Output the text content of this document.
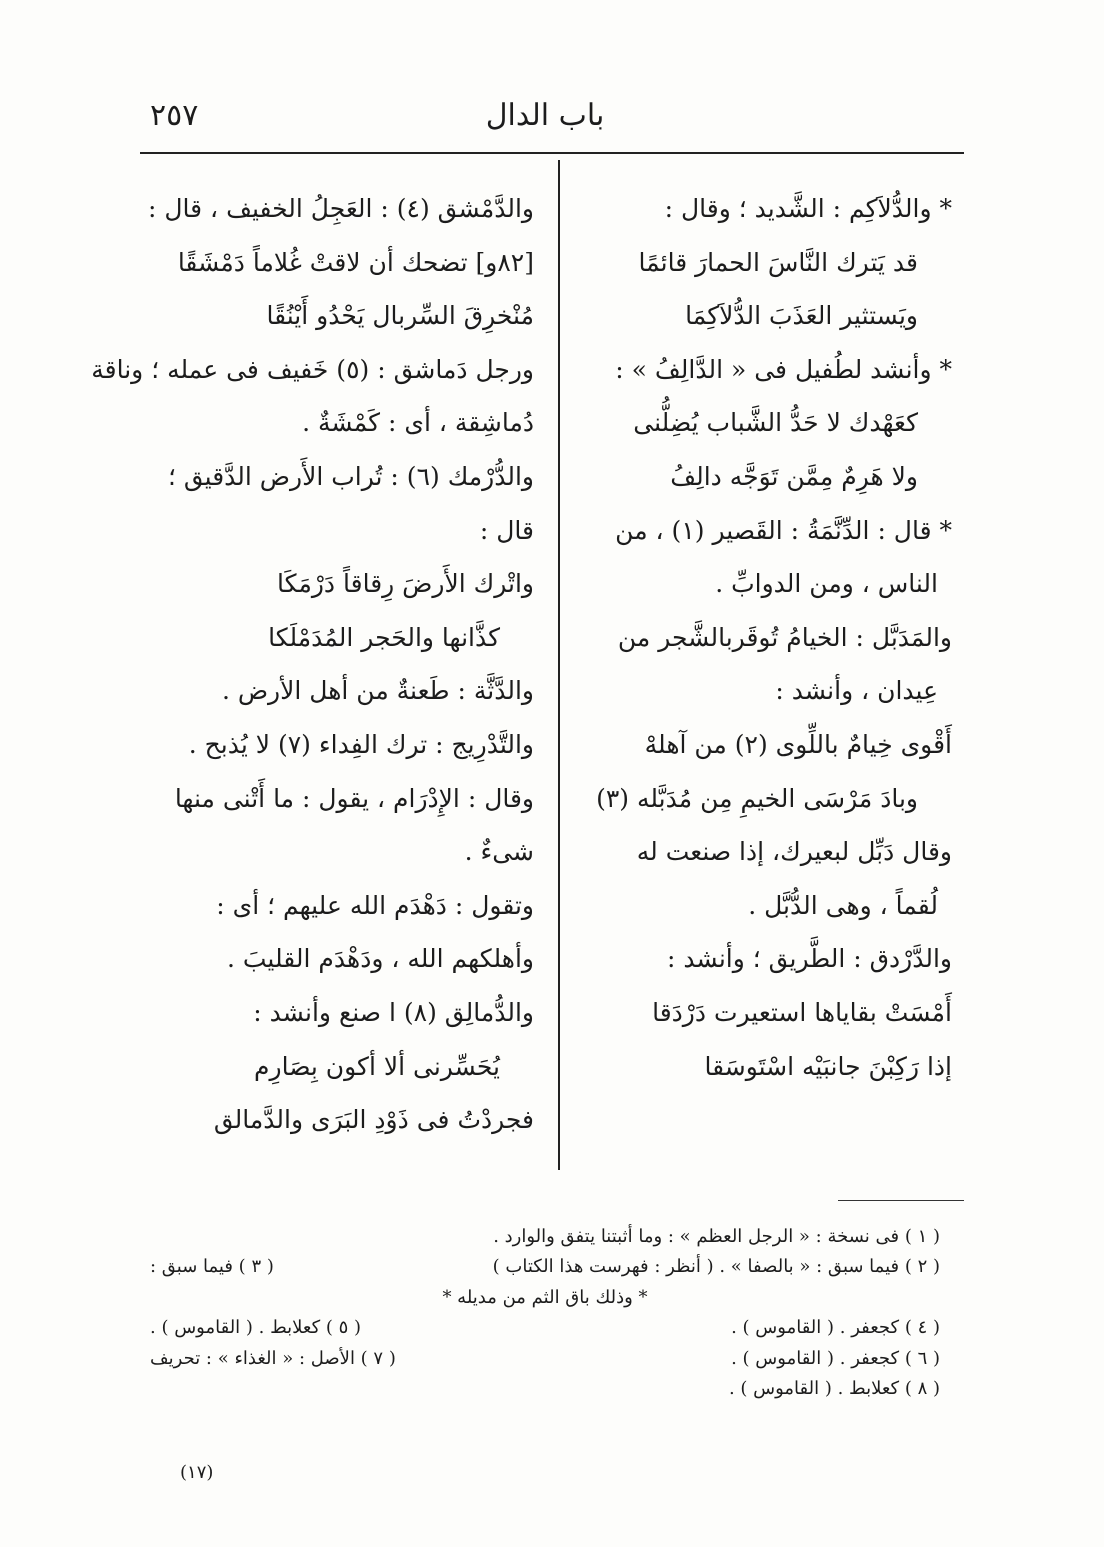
باب الدال
٢٥٧
* والدُّلاَكِم : الشَّديد ؛ وقال :
قد يَترك النَّاسَ الحمارَ قائمًا
ويَستثير العَذَبَ الدُّلاَكِمَا
* وأنشد لطُفيل فى « الدَّالِفُ » :
كعَهْدك لا حَدُّ الشَّباب يُضِلُّنى
ولا هَرِمٌ مِمَّن تَوَجَّه دالِفُ
* قال : الدِّنَّمَةُ : القَصير (١) ، من
الناس ، ومن الدوابِّ .
والمَدَبَّل : الخيامُ تُوقَربالشَّجر من
عِيدان ، وأنشد :
أَقْوى خِيامٌ باللِّوى (٢) من آهلهْ
وبادَ مَرْسَى الخيمِ مِن مُدَبَّله (٣)
وقال دَبِّل لبعيرك، إذا صنعت له
لُقماً ، وهى الدُّبَّل .
والدَّرْدق : الطَّريق ؛ وأنشد :
أَمْسَتْ بقاياها استعيرت دَرْدَقا
إذا رَكِبْنَ جانبَيْه اسْتَوسَقا
والدَّمْشق (٤) : العَجِلُ الخفيف ، قال :
[٨٢و] تضحك أن لاقتْ غُلاماً دَمْشَقًا
مُنْخرِقَ السِّربال يَحْدُو أَيْنُقًا
ورجل دَماشق : (٥) خَفيف فى عمله ؛ وناقة
دُماشِقة ، أى : كَمْشَةٌ .
والدُّرْمك (٦) : تُراب الأَرض الدَّقيق ؛
قال :
واتْرك الأَرضَ رِقاقاً دَرْمَكَا
كذَّانها والحَجر المُدَمْلَكا
والدَّثَّة : طَعنةٌ من أهل الأرض .
والتَّدْرِيج : ترك الفِداء (٧) لا يُذبح .
وقال : الإِدْرَام ، يقول : ما أَتْنى منها
شىءٌ .
وتقول : دَهْدَم الله عليهم ؛ أى :
وأهلكهم الله ، ودَهْدَم القليبَ .
والدُّمالِق (٨) ا صنع وأنشد :
يُحَسِّرنى ألا أكون بِصَارِم
فجردْتُ فى ذَوْدِ البَرَى والدَّمالق
( ١ ) فى نسخة : « الرجل العظم » : وما أثبتنا يتفق والوارد .
( ٢ ) فيما سبق : « بالصفا » . ( أنظر : فهرست هذا الكتاب )
( ٣ ) فيما سبق :
* وذلك باق الثم من مديله *
( ٤ ) كجعفر . ( القاموس ) .
( ٥ ) كعلابط . ( القاموس ) .
( ٦ ) كجعفر . ( القاموس ) .
( ٧ ) الأصل : « الغذاء » : تحريف
( ٨ ) كعلابط . ( القاموس ) .
(١٧)
